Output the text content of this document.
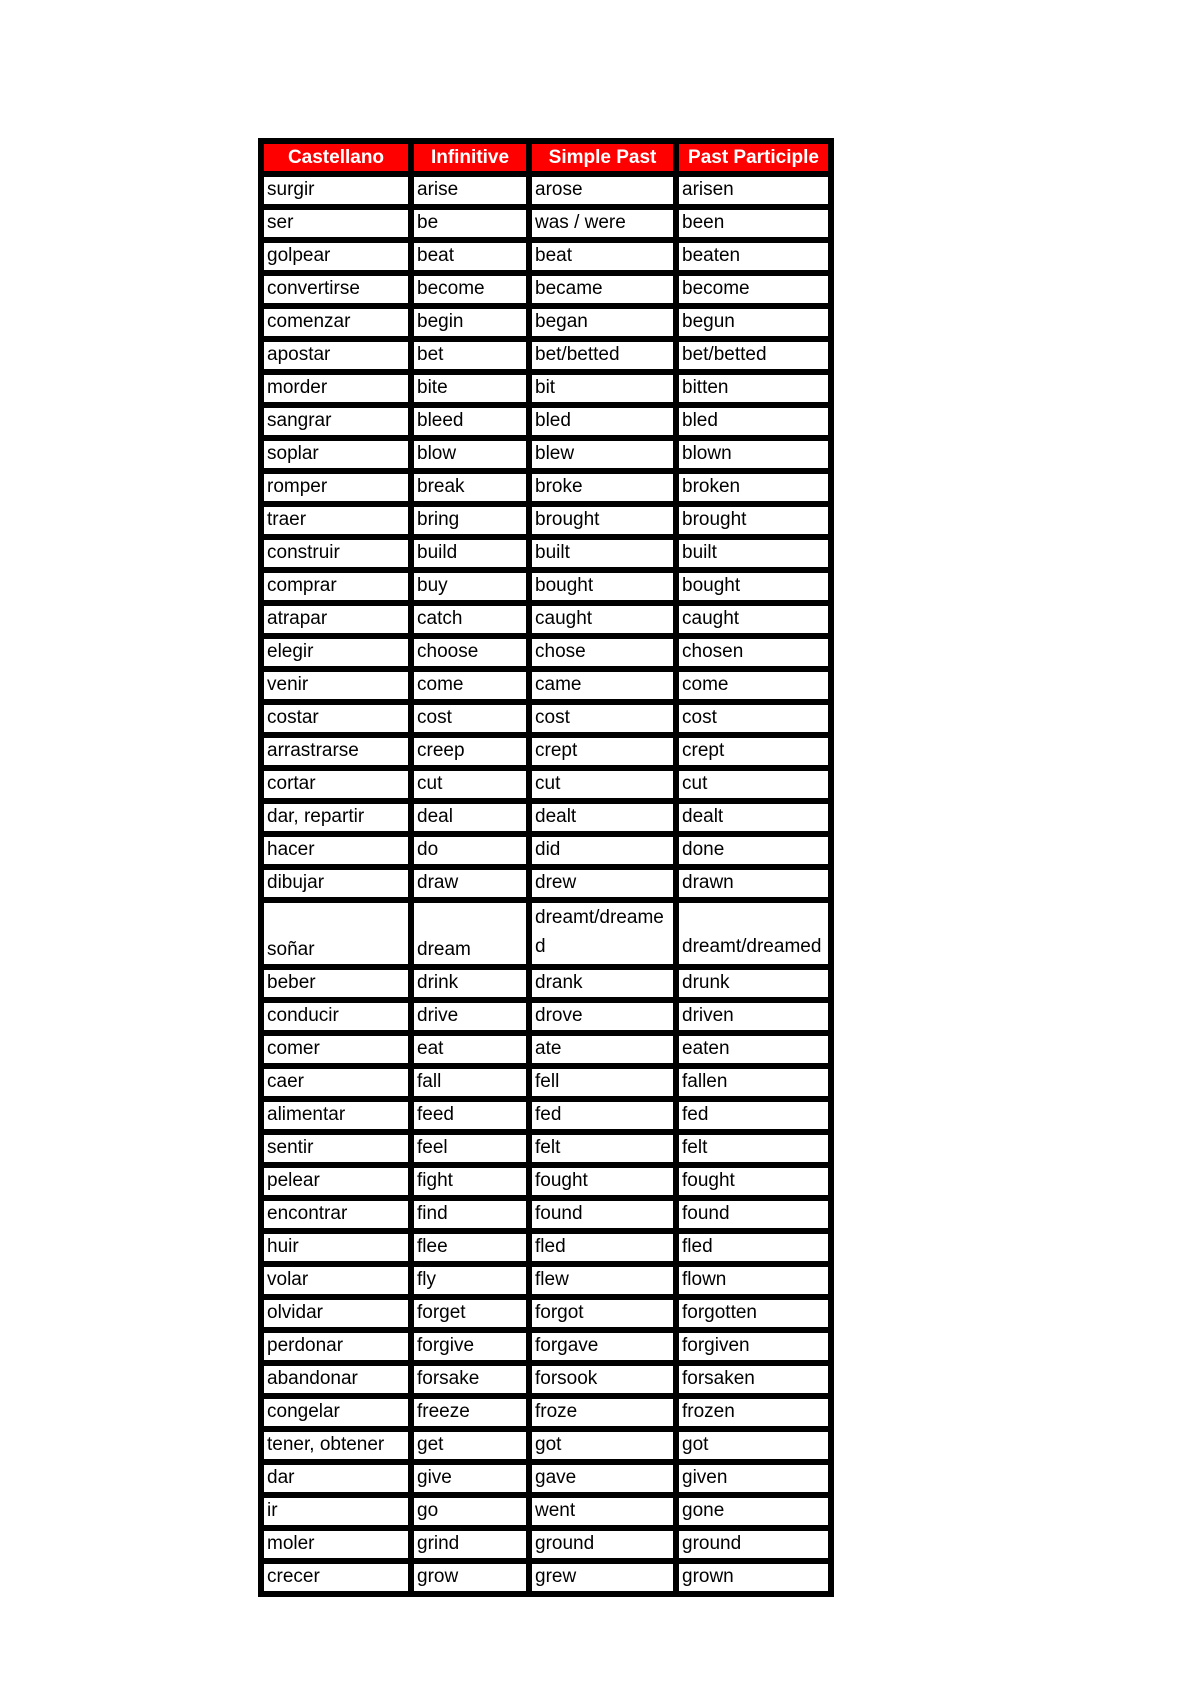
Castellano	Infinitive	Simple Past	Past Participle
surgir	arise	arose	arisen
ser	be	was / were	been
golpear	beat	beat	beaten
convertirse	become	became	become
comenzar	begin	began	begun
apostar	bet	bet/betted	bet/betted
morder	bite	bit	bitten
sangrar	bleed	bled	bled
soplar	blow	blew	blown
romper	break	broke	broken
traer	bring	brought	brought
construir	build	built	built
comprar	buy	bought	bought
atrapar	catch	caught	caught
elegir	choose	chose	chosen
venir	come	came	come
costar	cost	cost	cost
arrastrarse	creep	crept	crept
cortar	cut	cut	cut
dar, repartir	deal	dealt	dealt
hacer	do	did	done
dibujar	draw	drew	drawn
soñar	dream	dreamt/dreamed	dreamt/dreamed

beber	drink	drank	drunk
conducir	drive	drove	driven
comer	eat	ate	eaten
caer	fall	fell	fallen
alimentar	feed	fed	fed
sentir	feel	felt	felt
pelear	fight	fought	fought
encontrar	find	found	found
huir	flee	fled	fled
volar	fly	flew	flown
olvidar	forget	forgot	forgotten
perdonar	forgive	forgave	forgiven
abandonar	forsake	forsook	forsaken
congelar	freeze	froze	frozen
tener, obtener	get	got	got
dar	give	gave	given
ir	go	went	gone
moler	grind	ground	ground
crecer	grow	grew	grown
